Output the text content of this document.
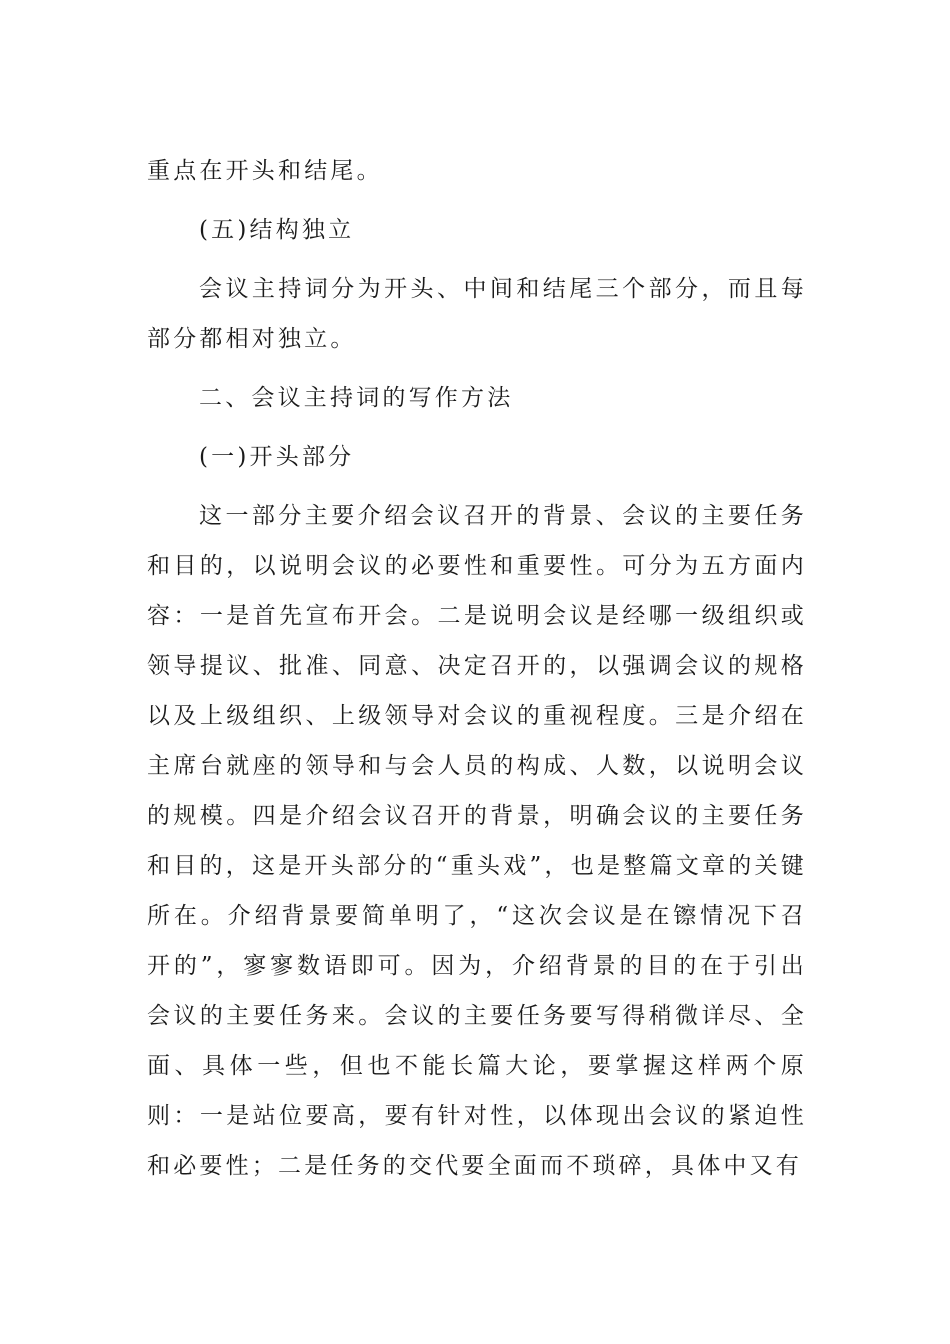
重点在开头和结尾。

(五)结构独立

会议主持词分为开头、中间和结尾三个部分，而且每部分都相对独立。

二、会议主持词的写作方法

(一)开头部分

这一部分主要介绍会议召开的背景、会议的主要任务和目的，以说明会议的必要性和重要性。可分为五方面内容：一是首先宣布开会。二是说明会议是经哪一级组织或领导提议、批准、同意、决定召开的，以强调会议的规格以及上级组织、上级领导对会议的重视程度。三是介绍在主席台就座的领导和与会人员的构成、人数，以说明会议的规模。四是介绍会议召开的背景，明确会议的主要任务和目的，这是开头部分的“重头戏”，也是整篇文章的关键所在。介绍背景要简单明了，“这次会议是在镲情况下召开的”，寥寥数语即可。因为，介绍背景的目的在于引出会议的主要任务来。会议的主要任务要写得稍微详尽、全面、具体一些，但也不能长篇大论，要掌握这样两个原则：一是站位要高，要有针对性，以体现出会议的紧迫性和必要性；二是任务的交代要全面而不琐碎，具体中又有
